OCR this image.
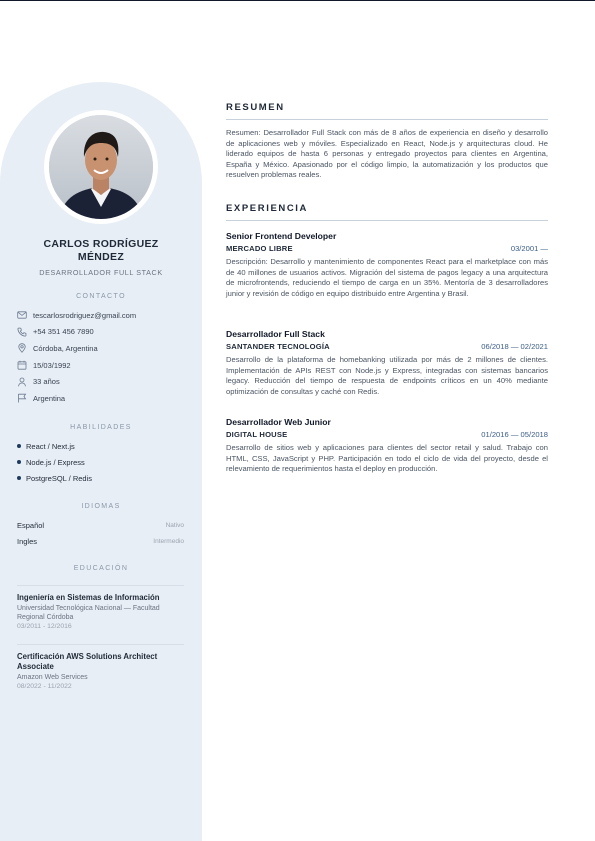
CARLOS RODRÍGUEZ MÉNDEZ
DESARROLLADOR FULL STACK
CONTACTO
tescarlosrodriguez@gmail.com
+54 351 456 7890
Córdoba, Argentina
15/03/1992
33 años
Argentina
HABILIDADES
React / Next.js
Node.js / Express
PostgreSQL / Redis
IDIOMAS
Español	Nativo
Ingles	Intermedio
EDUCACIÓN
Ingeniería en Sistemas de Información
Universidad Tecnológica Nacional — Facultad Regional Córdoba
03/2011 - 12/2016
Certificación AWS Solutions Architect Associate
Amazon Web Services
08/2022 - 11/2022
RESUMEN
Resumen: Desarrollador Full Stack con más de 8 años de experiencia en diseño y desarrollo de aplicaciones web y móviles. Especializado en React, Node.js y arquitecturas cloud. He liderado equipos de hasta 6 personas y entregado proyectos para clientes en Argentina, España y México. Apasionado por el código limpio, la automatización y los productos que resuelven problemas reales.
EXPERIENCIA
Senior Frontend Developer
MERCADO LIBRE	03/2001 —
Descripción: Desarrollo y mantenimiento de componentes React para el marketplace con más de 40 millones de usuarios activos. Migración del sistema de pagos legacy a una arquitectura de microfrontends, reduciendo el tiempo de carga en un 35%. Mentoría de 3 desarrolladores junior y revisión de código en equipo distribuido entre Argentina y Brasil.
Desarrollador Full Stack
SANTANDER TECNOLOGÍA	06/2018 — 02/2021
Desarrollo de la plataforma de homebanking utilizada por más de 2 millones de clientes. Implementación de APIs REST con Node.js y Express, integradas con sistemas bancarios legacy. Reducción del tiempo de respuesta de endpoints críticos en un 40% mediante optimización de consultas y caché con Redis.
Desarrollador Web Junior
DIGITAL HOUSE	01/2016 — 05/2018
Desarrollo de sitios web y aplicaciones para clientes del sector retail y salud. Trabajo con HTML, CSS, JavaScript y PHP. Participación en todo el ciclo de vida del proyecto, desde el relevamiento de requerimientos hasta el deploy en producción.
